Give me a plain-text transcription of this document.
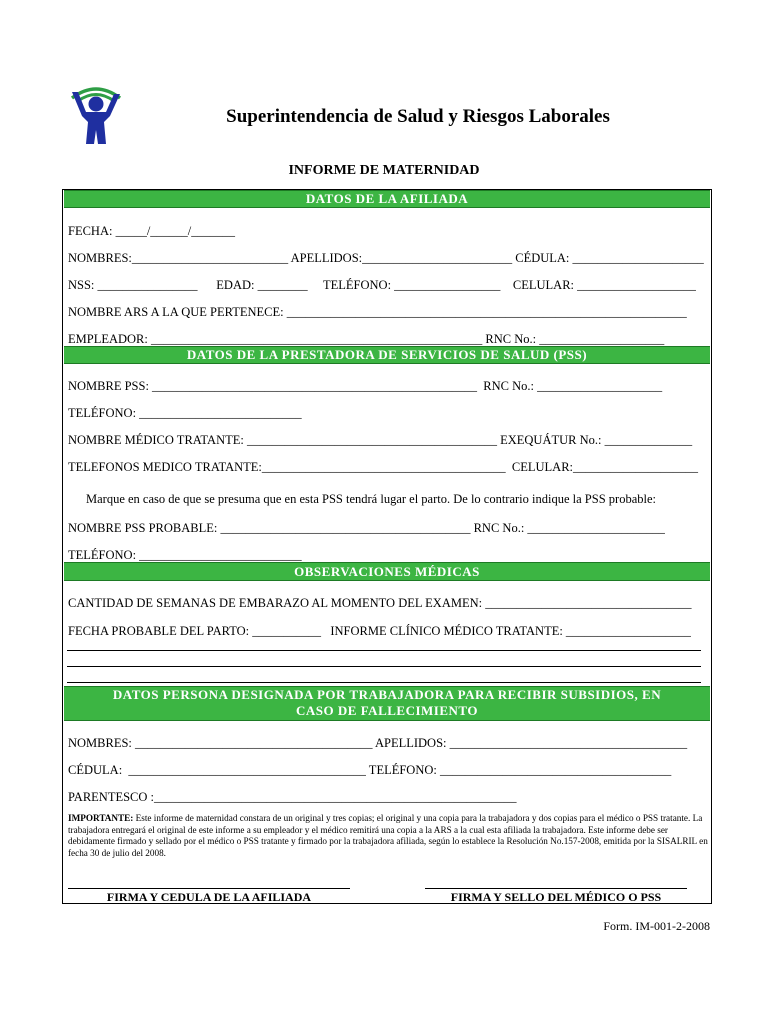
Superintendencia de Salud y Riesgos Laborales
INFORME DE MATERNIDAD
DATOS DE LA AFILIADA
FECHA: _____/______/_______
NOMBRES:_________________________ APELLIDOS:________________________ CÉDULA: _____________________
NSS: ________________      EDAD: ________     TELÉFONO: _________________    CELULAR: ___________________
NOMBRE ARS A LA QUE PERTENECE: ________________________________________________________________
EMPLEADOR: _____________________________________________________ RNC No.: ____________________
DATOS DE LA PRESTADORA DE SERVICIOS DE SALUD (PSS)
NOMBRE PSS: ____________________________________________________  RNC No.: ____________________
TELÉFONO: __________________________
NOMBRE MÉDICO TRATANTE: ________________________________________ EXEQUÁTUR No.: ______________
TELEFONOS MEDICO TRATANTE:_______________________________________  CELULAR:____________________
Marque en caso de que se presuma que en esta PSS tendrá lugar el parto. De lo contrario indique la PSS probable:
NOMBRE PSS PROBABLE: ________________________________________ RNC No.: ______________________
TELÉFONO: __________________________
OBSERVACIONES MÉDICAS
CANTIDAD DE SEMANAS DE EMBARAZO AL MOMENTO DEL EXAMEN: _________________________________
FECHA PROBABLE DEL PARTO: ___________   INFORME CLÍNICO MÉDICO TRATANTE: ____________________
DATOS PERSONA DESIGNADA POR TRABAJADORA PARA RECIBIR SUBSIDIOS, EN
CASO DE FALLECIMIENTO
NOMBRES: ______________________________________ APELLIDOS: ______________________________________
CÉDULA:  ______________________________________ TELÉFONO: _____________________________________
PARENTESCO :__________________________________________________________
IMPORTANTE: Este informe de maternidad constara de un original y tres copias; el original y una copia para la trabajadora y dos copias para el médico o PSS tratante. La trabajadora entregará el original de este informe a su empleador y el médico remitirá una copia a la ARS a la cual esta afiliada la trabajadora. Este informe debe ser debidamente firmado y sellado por el médico o PSS tratante y firmado por la trabajadora afiliada, según lo establece la Resolución No.157-2008, emitida por la SISALRIL en fecha 30 de julio del 2008.
FIRMA Y CEDULA DE LA AFILIADA	FIRMA Y SELLO DEL MÉDICO O PSS
Form. IM-001-2-2008
